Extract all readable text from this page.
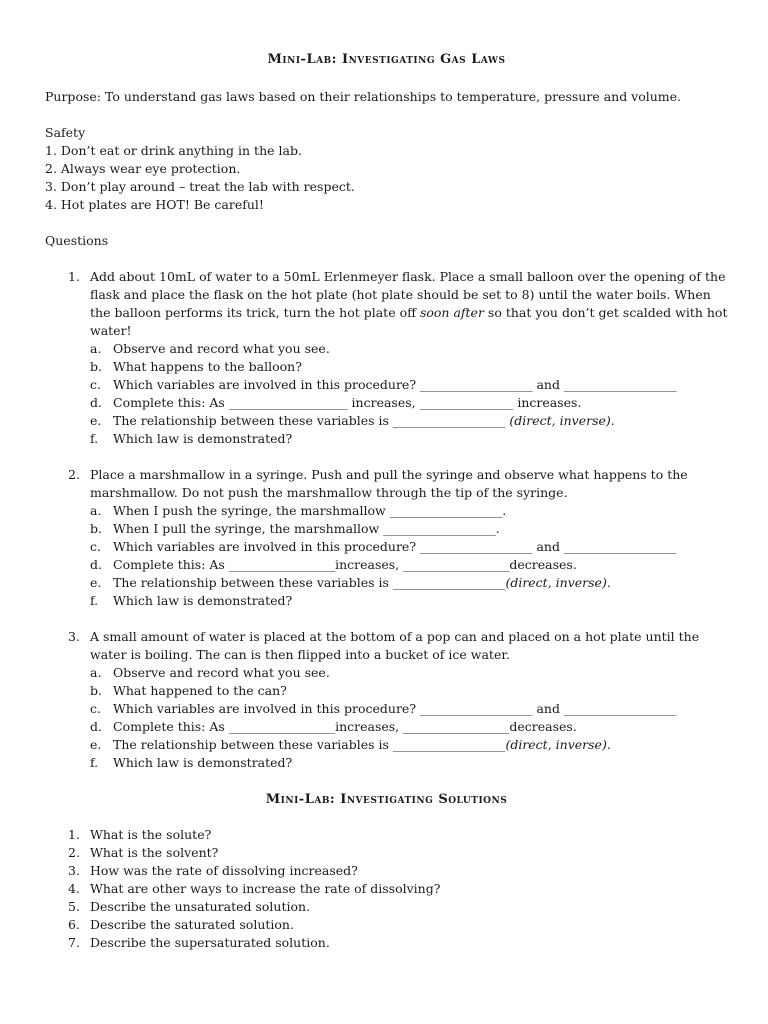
Mini-Lab: Investigating Gas Laws

Purpose: To understand gas laws based on their relationships to temperature, pressure and volume.

Safety

1. Don’t eat or drink anything in the lab.

2. Always wear eye protection.

3. Don’t play around – treat the lab with respect.

4. Hot plates are HOT! Be careful!

Questions

1. Add about 10mL of water to a 50mL Erlenmeyer flask. Place a small balloon over the opening of the flask and place the flask on the hot plate (hot plate should be set to 8) until the water boils. When the balloon performs its trick, turn the hot plate off soon after so that you don’t get scalded with hot water!

a. Observe and record what you see.
b. What happens to the balloon?
c. Which variables are involved in this procedure? __________________ and __________________
d. Complete this: As ___________________ increases, _______________ increases.
e. The relationship between these variables is __________________ (direct, inverse).
f.	Which law is demonstrated?
2. Place a marshmallow in a syringe. Push and pull the syringe and observe what happens to the marshmallow. Do not push the marshmallow through the tip of the syringe.

a. When I push the syringe, the marshmallow __________________.
b. When I pull the syringe, the marshmallow __________________.
c. Which variables are involved in this procedure? __________________ and __________________
d. Complete this: As _________________increases, _________________decreases.
e. The relationship between these variables is __________________(direct, inverse).
f.	Which law is demonstrated?
3. A small amount of water is placed at the bottom of a pop can and placed on a hot plate until the water is boiling. The can is then flipped into a bucket of ice water.

a. Observe and record what you see.
b. What happened to the can?
c. Which variables are involved in this procedure? __________________ and __________________
d. Complete this: As _________________increases, _________________decreases.
e. The relationship between these variables is __________________(direct, inverse).
f.	Which law is demonstrated?
Mini-Lab: Investigating Solutions
1. What is the solute?
2. What is the solvent?
3. How was the rate of dissolving increased?
4. What are other ways to increase the rate of dissolving?
5. Describe the unsaturated solution.
6. Describe the saturated solution.
7. Describe the supersaturated solution.
